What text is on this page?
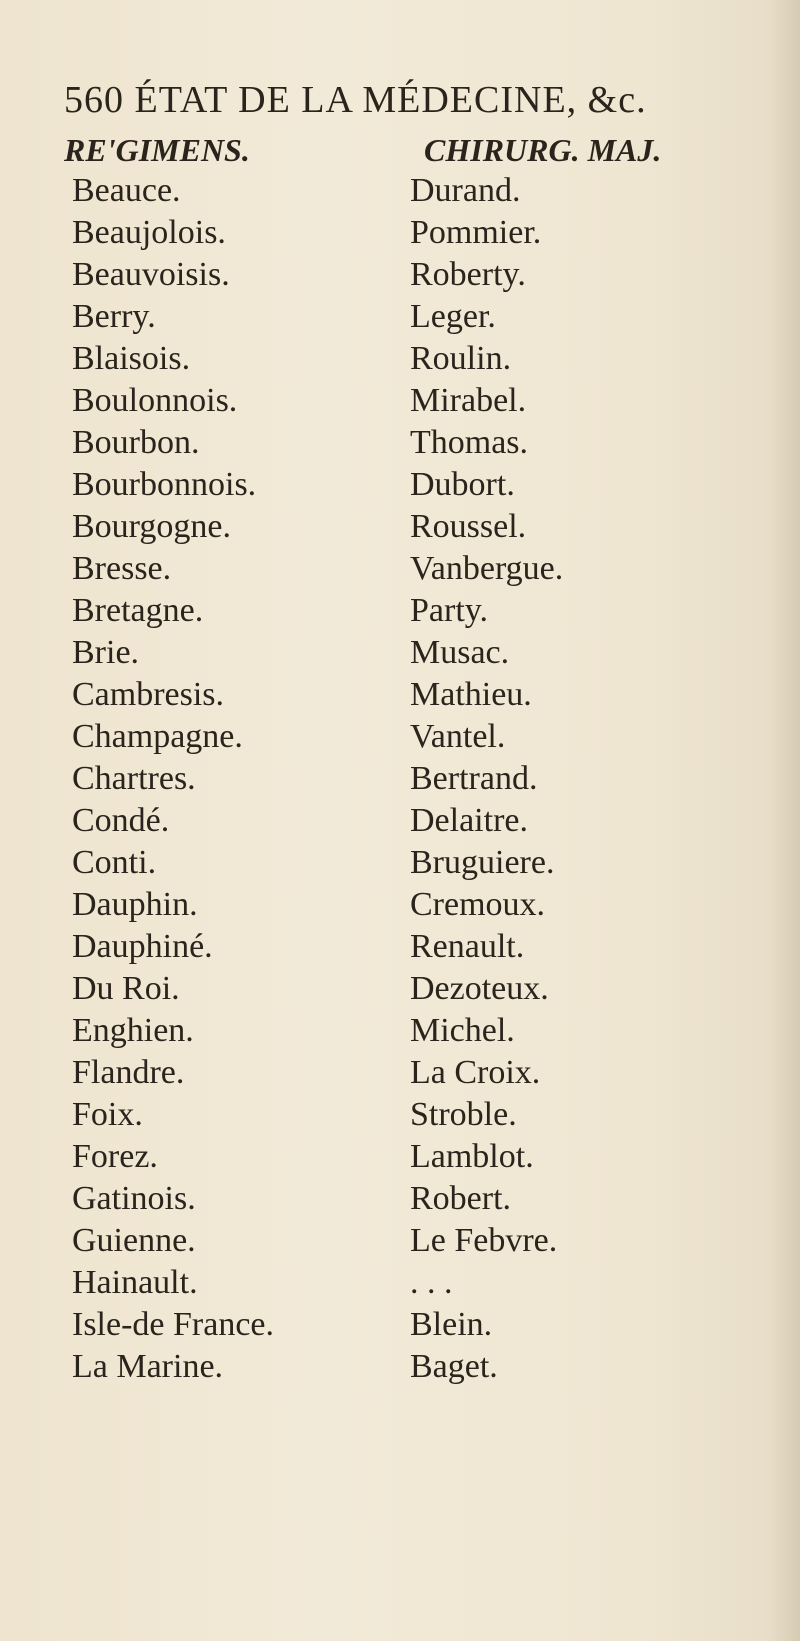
560 ÉTAT DE LA MÉDECINE, &c.
RE'GIMENS.	CHIRURG. MAJ.
Beauce.	Durand.
Beaujolois.	Pommier.
Beauvoisis.	Roberty.
Berry.	Leger.
Blaisois.	Roulin.
Boulonnois.	Mirabel.
Bourbon.	Thomas.
Bourbonnois.	Dubort.
Bourgogne.	Roussel.
Bresse.	Vanbergue.
Bretagne.	Party.
Brie.	Musac.
Cambresis.	Mathieu.
Champagne.	Vantel.
Chartres.	Bertrand.
Condé.	Delaitre.
Conti.	Bruguiere.
Dauphin.	Cremoux.
Dauphiné.	Renault.
Du Roi.	Dezoteux.
Enghien.	Michel.
Flandre.	La Croix.
Foix.	Stroble.
Forez.	Lamblot.
Gatinois.	Robert.
Guienne.	Le Febvre.
Hainault.	. . .
Isle-de France.	Blein.
La Marine.	Baget.
